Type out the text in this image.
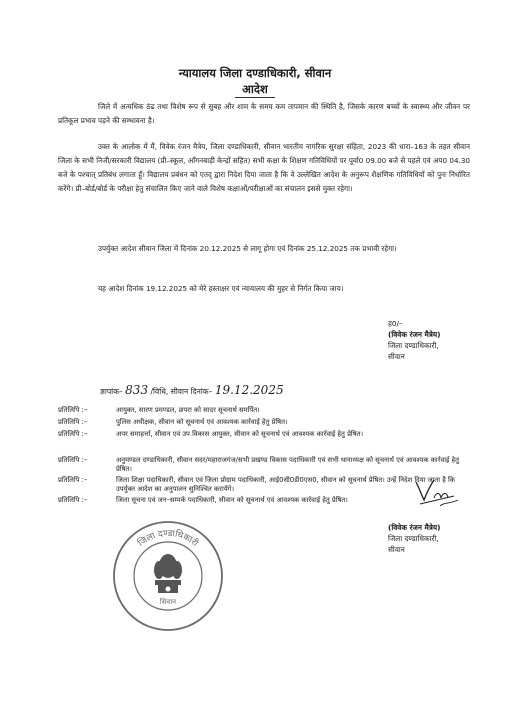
न्यायालय जिला दण्डाधिकारी, सीवान
आदेश

जिले में अत्यधिक ठंढ तथा विशेष रूप से सुबह और शाम के समय कम तापमान की स्थिति है, जिसके कारण बच्चों के स्वास्थ्य और जीवन पर प्रतिकूल प्रभाव पड़ने की सम्भावना है।

उक्त के आलोक में मैं, विवेक रंजन मैत्रेय, जिला दण्डाधिकारी, सीवान भारतीय नागरिक सुरक्षा संहिता, 2023 की धारा–163 के तहत सीवान जिला के सभी निजी/सरकारी विद्यालय (प्री–स्कूल, आँगनबाड़ी केन्द्रों सहित) सभी कक्षा के शिक्षण गतिविधियों पर पूर्वा0 09.00 बजे से पहले एवं अप0 04.30 बजे के पश्चात् प्रतिबंध लगाता हूँ। विद्यालय प्रबंधन को एतद् द्वारा निदेश दिया जाता है कि वे उल्लेखित आदेश के अनुरूप शैक्षणिक गतिविधियों को पुनः निर्धारित करेंगे। प्री–बोर्ड/बोर्ड के परीक्षा हेतु संचालित किए जाने वाले विशेष कक्षाओं/परीक्षाओं का संचालन इससे मुक्त रहेगा।

उपर्युक्त आदेश सीवान जिला में दिनांक 20.12.2025 से लागू होगा एवं दिनांक 25.12.2025 तक प्रभावी रहेगा।

यह आदेश दिनांक 19.12.2025 को मेरे हस्ताक्षर एवं न्यायालय की मुहर से निर्गत किया जाय।

ह0/–
(विवेक रंजन मैत्रेय)
जिला दण्डाधिकारी,
सीवान
ज्ञापांक– 833 /विधि, सीवान दिनांक– 19.12.2025
प्रतिलिपि :–	आयुक्त, सारण प्रमण्डल, छपरा को सादर सूचनार्थ समर्पित।
प्रतिलिपि :–	पुलिस अधीक्षक, सीवान को सूचनार्थ एवं आवश्यक कार्रवाई हेतु प्रेषित।
प्रतिलिपि :–	अपर समाहर्त्ता, सीवान एवं उप विकास आयुक्त, सीवान को सूचनार्थ एवं आवश्यक कार्रवाई हेतु प्रेषित।
प्रतिलिपि :–	अनुमण्डल दण्डाधिकारी, सीवान सदर/महाराजगंज/सभी प्रखण्ड विकास पदाधिकारी एवं सभी थानाध्यक्ष को सूचनार्थ एवं आवश्यक कार्रवाई हेतु प्रेषित।
प्रतिलिपि :–	जिला शिक्षा पदाधिकारी, सीवान एवं जिला प्रोग्राम पदाधिकारी, आई0सी0डी0एस0, सीवान को सूचनार्थ प्रेषित। उन्हें निदेश दिया जाता है कि उपर्युक्त आदेश का अनुपालन सुनिश्चित करायेंगे।
प्रतिलिपि :–	जिला सूचना एवं जन–सम्पर्क पदाधिकारी, सीवान को सूचनार्थ एवं आवश्यक कार्रवाई हेतु प्रेषित।
(विवेक रंजन मैत्रेय)
जिला दण्डाधिकारी,
सीवान
जिला दण्डाधिकारी
सिवान
